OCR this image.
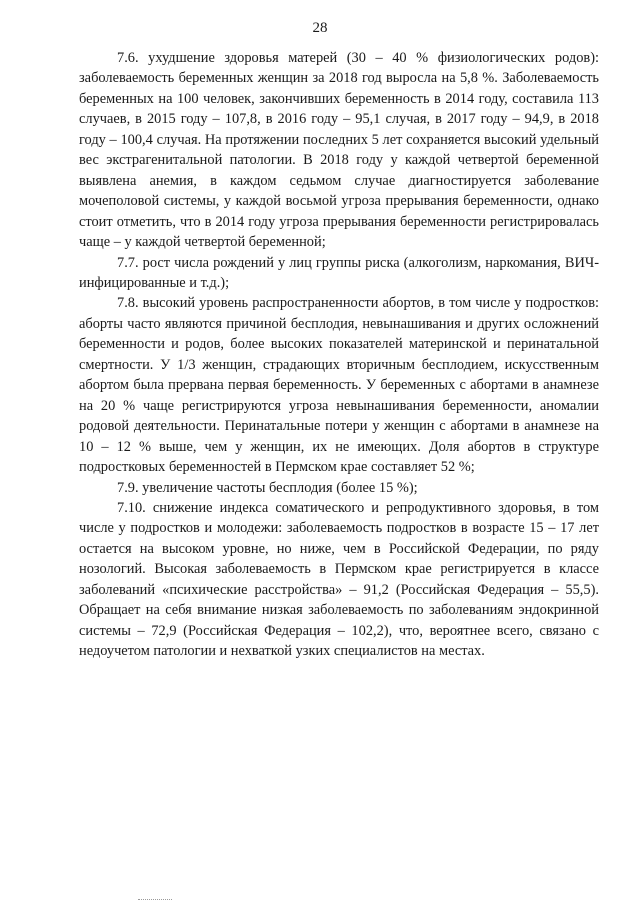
28

7.6. ухудшение здоровья матерей (30 – 40 % физиологических родов): заболеваемость беременных женщин за 2018 год выросла на 5,8 %. Заболеваемость беременных на 100 человек, закончивших беременность в 2014 году, составила 113 случаев, в 2015 году – 107,8, в 2016 году – 95,1 случая, в 2017 году – 94,9, в 2018 году – 100,4 случая. На протяжении последних 5 лет сохраняется высокий удельный вес экстрагенитальной патологии. В 2018 году у каждой четвертой беременной выявлена анемия, в каждом седьмом случае диагностируется заболевание мочеполовой системы, у каждой восьмой угроза прерывания беременности, однако стоит отметить, что в 2014 году угроза прерывания беременности регистрировалась чаще – у каждой четвертой беременной;

7.7. рост числа рождений у лиц группы риска (алкоголизм, наркомания, ВИЧ-инфицированные и т.д.);

7.8. высокий уровень распространенности абортов, в том числе у подростков: аборты часто являются причиной бесплодия, невынашивания и других осложнений беременности и родов, более высоких показателей материнской и перинатальной смертности. У 1/3 женщин, страдающих вторичным бесплодием, искусственным абортом была прервана первая беременность. У беременных с абортами в анамнезе на 20 % чаще регистрируются угроза невынашивания беременности, аномалии родовой деятельности. Перинатальные потери у женщин с абортами в анамнезе на 10 – 12 % выше, чем у женщин, их не имеющих. Доля абортов в структуре подростковых беременностей в Пермском крае составляет 52 %;

7.9. увеличение частоты бесплодия (более 15 %);

7.10. снижение индекса соматического и репродуктивного здоровья, в том числе у подростков и молодежи: заболеваемость подростков в возрасте 15 – 17 лет остается на высоком уровне, но ниже, чем в Российской Федерации, по ряду нозологий. Высокая заболеваемость в Пермском крае регистрируется в классе заболеваний «психические расстройства» – 91,2 (Российская Федерация – 55,5). Обращает на себя внимание низкая заболеваемость по заболеваниям эндокринной системы – 72,9 (Российская Федерация – 102,2), что, вероятнее всего, связано с недоучетом патологии и нехваткой узких специалистов на местах.
